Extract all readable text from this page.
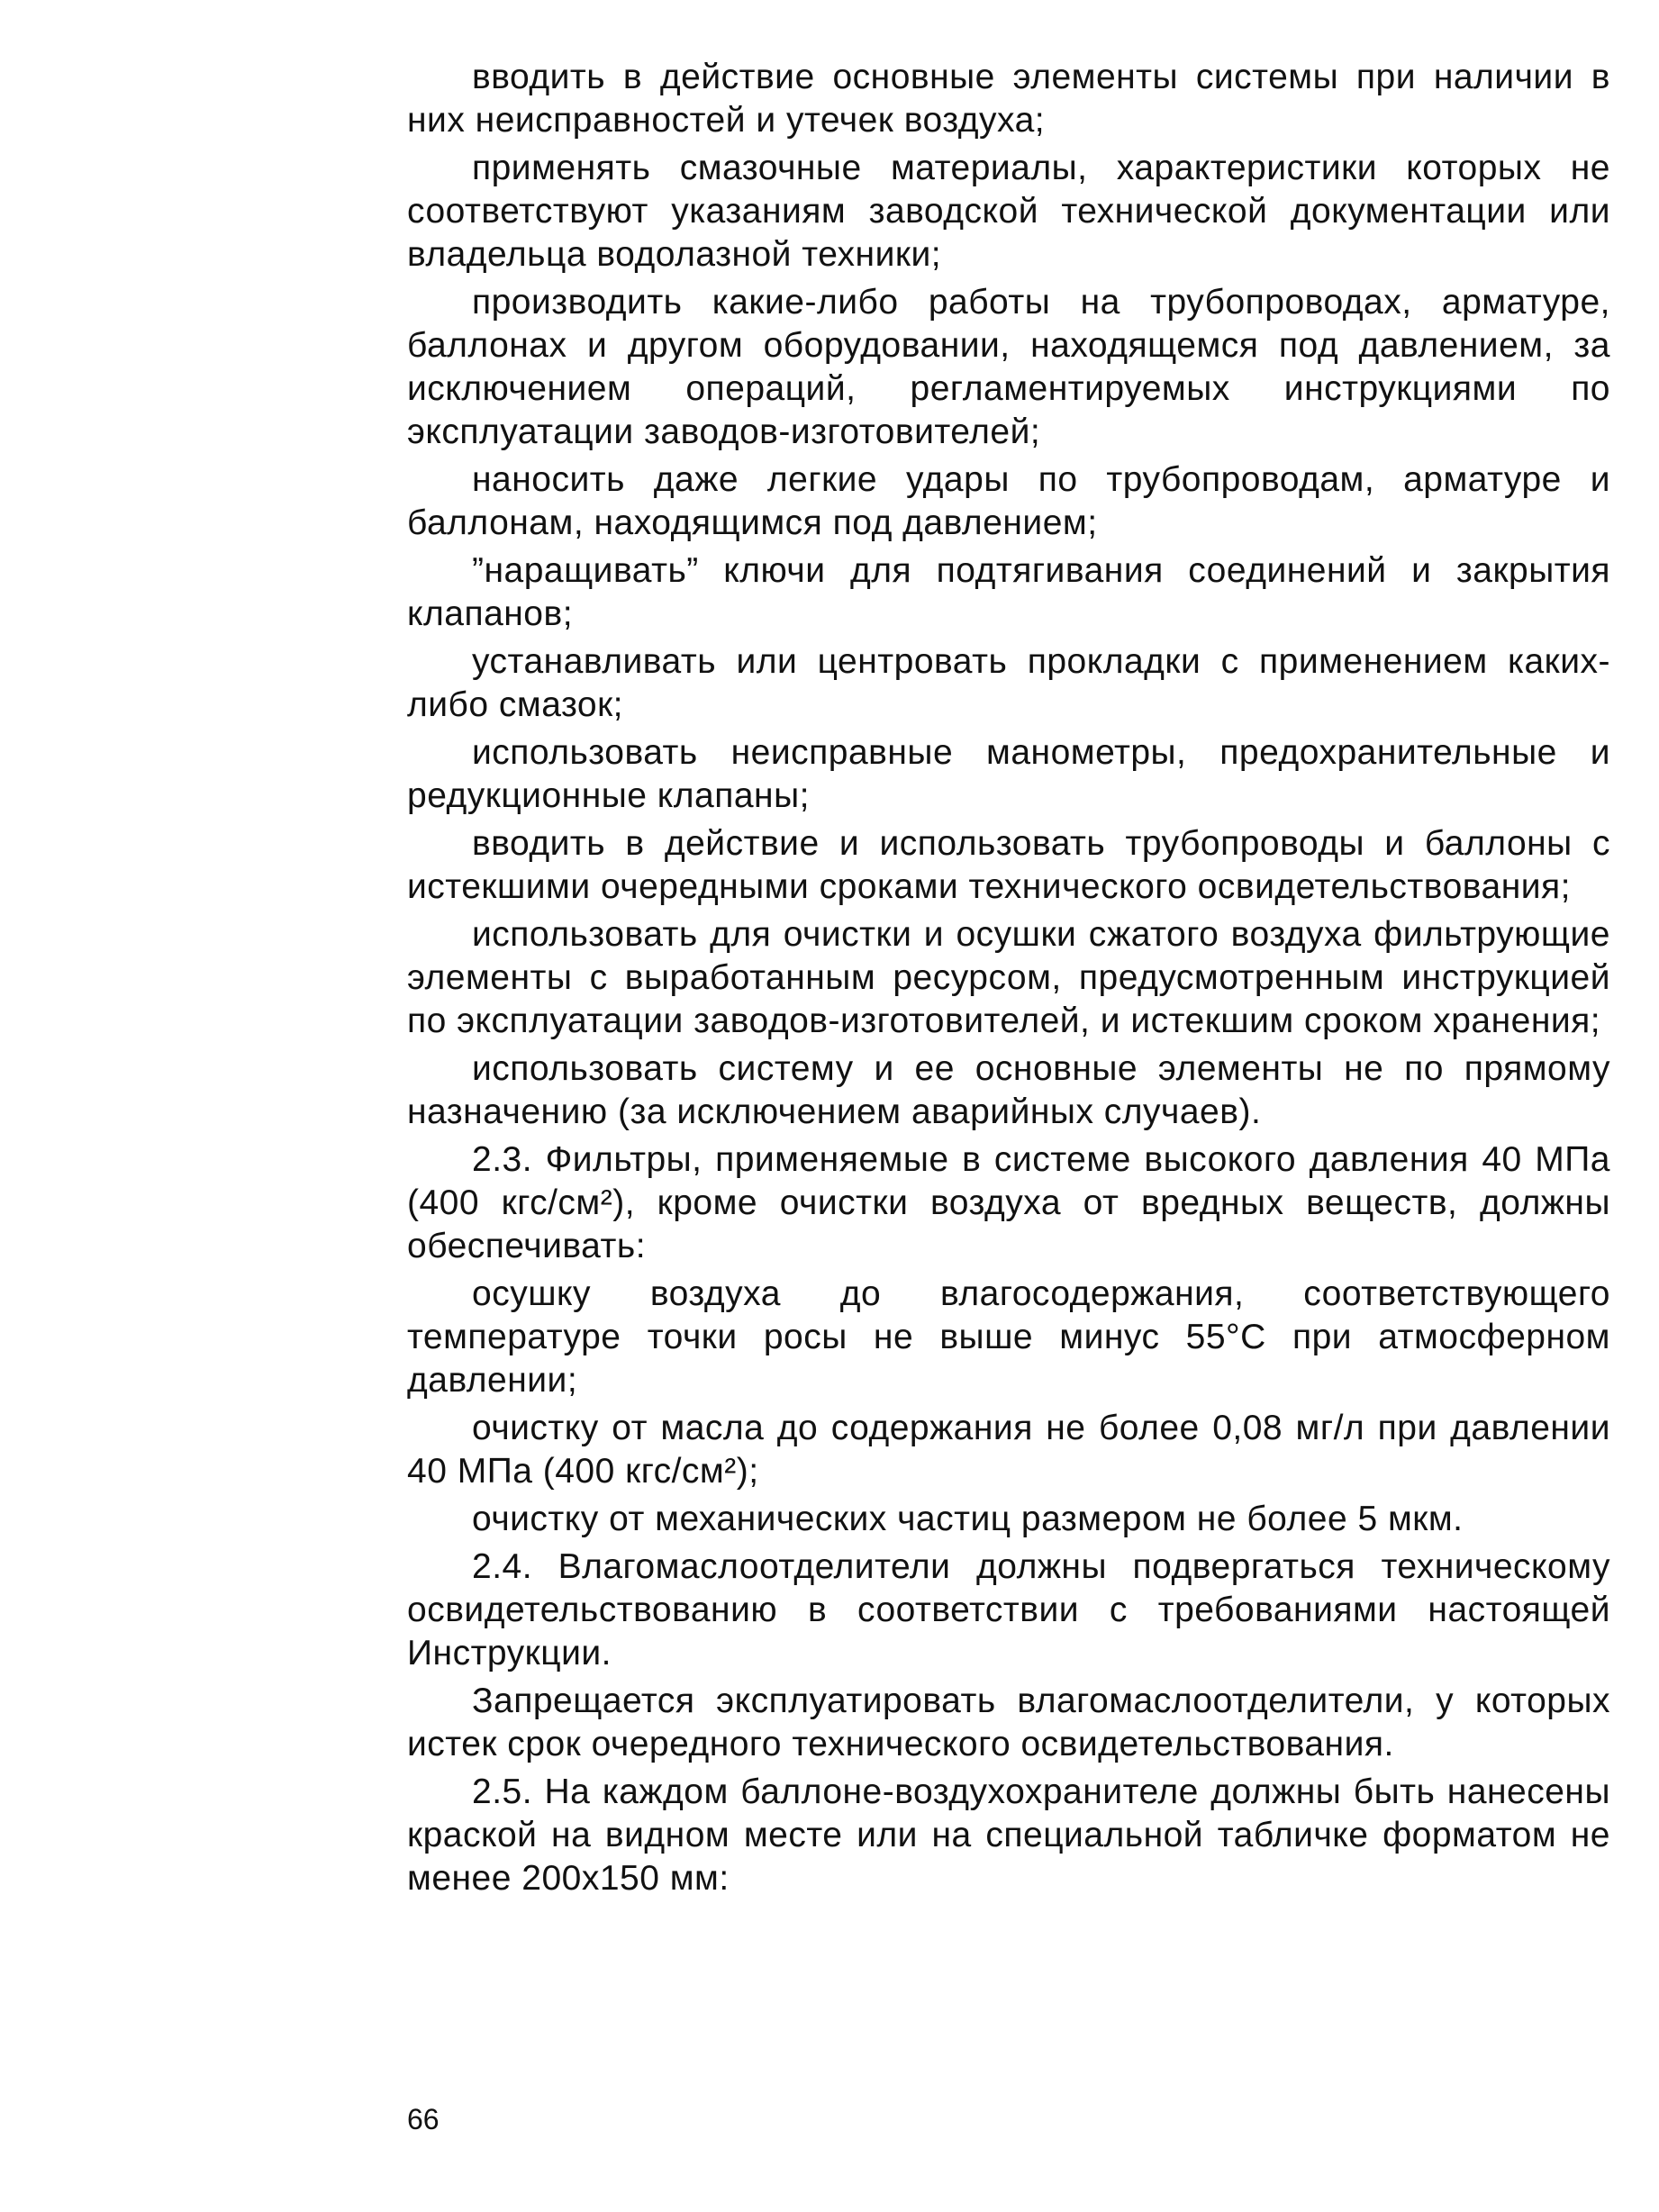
вводить в действие основные элементы системы при наличии в них неисправностей и утечек воздуха;

применять смазочные материалы, характеристики которых не соответствуют указаниям заводской технической документации или владельца водолазной техники;

производить какие-либо работы на трубопроводах, арматуре, баллонах и другом оборудовании, находящемся под давлением, за исключением операций, регламентируемых инструкциями по эксплуатации заводов-изготовителей;

наносить даже легкие удары по трубопроводам, арматуре и баллонам, находящимся под давлением;

”наращивать” ключи для подтягивания соединений и закрытия клапанов;

устанавливать или центровать прокладки с применением каких-либо смазок;

использовать неисправные манометры, предохранительные и редукционные клапаны;

вводить в действие и использовать трубопроводы и баллоны с истекшими очередными сроками технического освидетельствования;

использовать для очистки и осушки сжатого воздуха фильтрующие элементы с выработанным ресурсом, предусмотренным инструкцией по эксплуатации заводов-изготовителей, и истекшим сроком хранения;

использовать систему и ее основные элементы не по прямому назначению (за исключением аварийных случаев).

2.3. Фильтры, применяемые в системе высокого давления 40 МПа (400 кгс/см²), кроме очистки воздуха от вредных веществ, должны обеспечивать:

осушку воздуха до влагосодержания, соответствующего температуре точки росы не выше минус 55°С при атмосферном давлении;

очистку от масла до содержания не более 0,08 мг/л при давлении 40 МПа (400 кгс/см²);

очистку от механических частиц размером не более 5 мкм.

2.4. Влагомаслоотделители должны подвергаться техническому освидетельствованию в соответствии с требованиями настоящей Инструкции.

Запрещается эксплуатировать влагомаслоотделители, у которых истек срок очередного технического освидетельствования.

2.5. На каждом баллоне-воздухохранителе должны быть нанесены краской на видном месте или на специальной табличке форматом не менее 200x150 мм:

66
